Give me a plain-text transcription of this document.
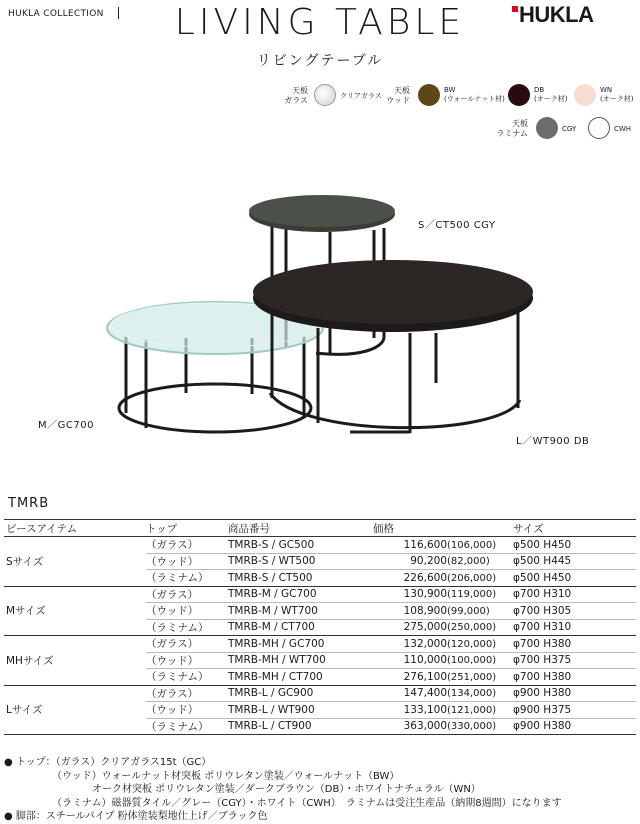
HUKLA COLLECTION	LIVING TABLE
リビングテーブル
HUKLA
天板
ガラス	クリアガラス
天板
ウッド
BW
(ウォールナット材)
DB
(オーク材)
WN
(オーク材)
天板
ラミナム	CGY	CWH
S／CT500 CGY
M／GC700
L／WT900 DB
TMRB
ピースアイテム	トップ	商品番号	価格	サイズ
Sサイズ	（ガラス）	TMRB-S / GC500	116,600(106,000)	φ500 H450
	（ウッド）	TMRB-S / WT500	90,200(82,000)	φ500 H445
	（ラミナム）	TMRB-S / CT500	226,600(206,000)	φ500 H450
Mサイズ	（ガラス）	TMRB-M / GC700	130,900(119,000)	φ700 H310
	（ウッド）	TMRB-M / WT700	108,900(99,000)	φ700 H305
	（ラミナム）	TMRB-M / CT700	275,000(250,000)	φ700 H310
MHサイズ	（ガラス）	TMRB-MH / GC700	132,000(120,000)	φ700 H380
	（ウッド）	TMRB-MH / WT700	110,000(100,000)	φ700 H375
	（ラミナム）	TMRB-MH / CT700	276,100(251,000)	φ700 H380
Lサイズ	（ガラス）	TMRB-L / GC900	147,400(134,000)	φ900 H380
	（ウッド）	TMRB-L / WT900	133,100(121,000)	φ900 H375
	（ラミナム）	TMRB-L / CT900	363,000(330,000)	φ900 H380
● トップ：（ガラス）クリアガラス15t（GC）
（ウッド）ウォールナット材突板 ポリウレタン塗装／ウォールナット（BW）
オーク材突板 ポリウレタン塗装／ダークブラウン（DB）・ホワイトナチュラル（WN）
（ラミナム）磁器質タイル／グレー（CGY）・ホワイト（CWH）　ラミナムは受注生産品（納期8週間）になります
● 脚部：スチールパイプ 粉体塗装梨地仕上げ／ブラック色
